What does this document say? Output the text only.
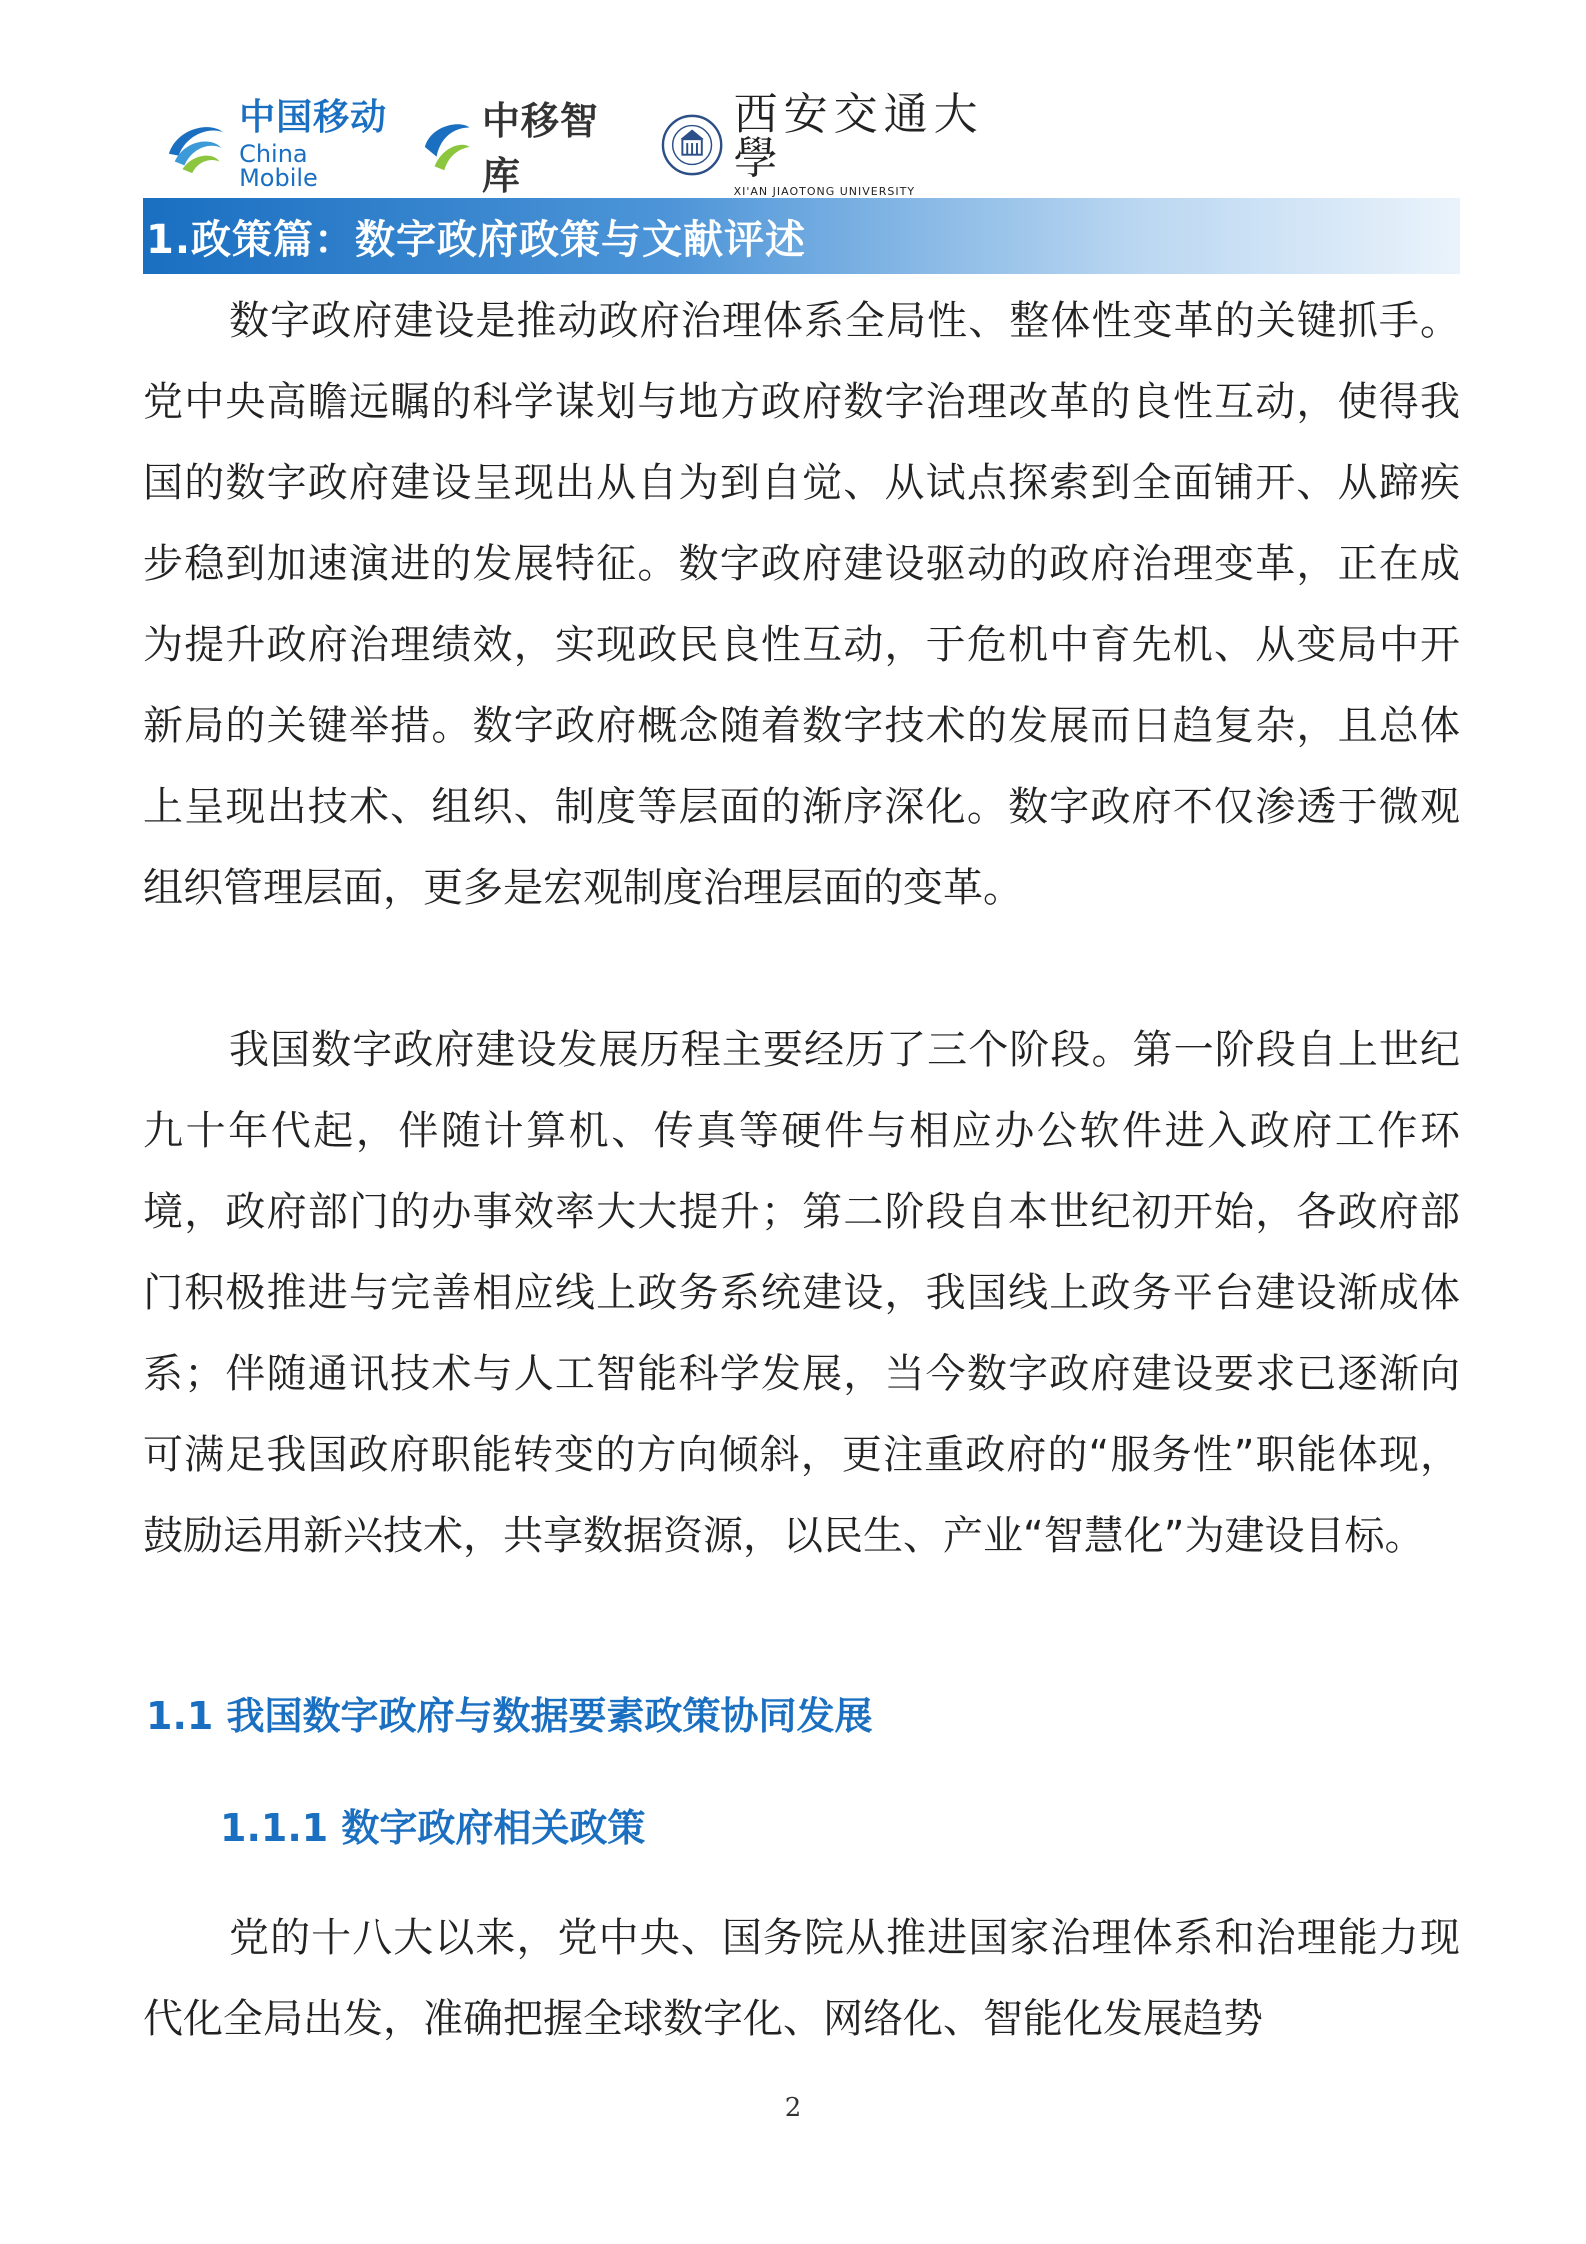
中国移动
China Mobile
中移智库
西安交通大學
XI'AN JIAOTONG UNIVERSITY
1.政策篇：数字政府政策与文献评述

数字政府建设是推动政府治理体系全局性、整体性变革的关键抓手。党中央高瞻远瞩的科学谋划与地方政府数字治理改革的良性互动，使得我国的数字政府建设呈现出从自为到自觉、从试点探索到全面铺开、从蹄疾步稳到加速演进的发展特征。数字政府建设驱动的政府治理变革，正在成为提升政府治理绩效，实现政民良性互动，于危机中育先机、从变局中开新局的关键举措。数字政府概念随着数字技术的发展而日趋复杂，且总体上呈现出技术、组织、制度等层面的渐序深化。数字政府不仅渗透于微观组织管理层面，更多是宏观制度治理层面的变革。

我国数字政府建设发展历程主要经历了三个阶段。第一阶段自上世纪九十年代起，伴随计算机、传真等硬件与相应办公软件进入政府工作环境，政府部门的办事效率大大提升；第二阶段自本世纪初开始，各政府部门积极推进与完善相应线上政务系统建设，我国线上政务平台建设渐成体系；伴随通讯技术与人工智能科学发展，当今数字政府建设要求已逐渐向可满足我国政府职能转变的方向倾斜，更注重政府的“服务性”职能体现，鼓励运用新兴技术，共享数据资源，以民生、产业“智慧化”为建设目标。

1.1 我国数字政府与数据要素政策协同发展
1.1.1 数字政府相关政策

党的十八大以来，党中央、国务院从推进国家治理体系和治理能力现代化全局出发，准确把握全球数字化、网络化、智能化发展趋势

2
